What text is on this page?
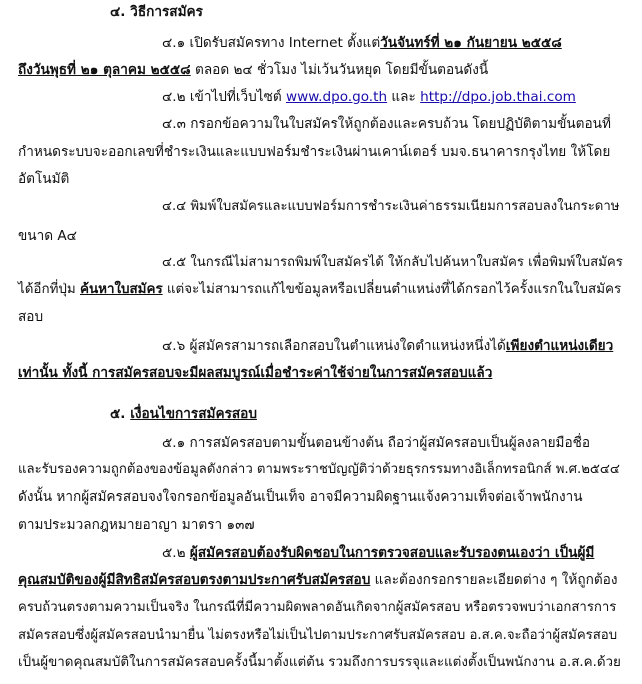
๔. วิธีการสมัคร
๔.๑ เปิดรับสมัครทาง Internet ตั้งแต่วันจันทร์ที่ ๒๑ กันยายน ๒๕๕๘
ถึงวันพุธที่ ๒๑ ตุลาคม ๒๕๕๘ ตลอด ๒๔ ชั่วโมง ไม่เว้นวันหยุด โดยมีขั้นตอนดังนี้
๔.๒ เข้าไปที่เว็บไซต์ www.dpo.go.th และ http://dpo.job.thai.com
๔.๓ กรอกข้อความในใบสมัครให้ถูกต้องและครบถ้วน โดยปฏิบัติตามขั้นตอนที่
กำหนดระบบจะออกเลขที่ชำระเงินและแบบฟอร์มชำระเงินผ่านเคาน์เตอร์ บมจ.ธนาคารกรุงไทย ให้โดย
อัตโนมัติ
๔.๔ พิมพ์ใบสมัครและแบบฟอร์มการชำระเงินค่าธรรมเนียมการสอบลงในกระดาษ
ขนาด A๔
๔.๕ ในกรณีไม่สามารถพิมพ์ใบสมัครได้ ให้กลับไปค้นหาใบสมัคร เพื่อพิมพ์ใบสมัคร
ได้อีกที่ปุ่ม ค้นหาใบสมัคร แต่จะไม่สามารถแก้ไขข้อมูลหรือเปลี่ยนตำแหน่งที่ได้กรอกไว้ครั้งแรกในใบสมัคร
สอบ
๔.๖ ผู้สมัครสามารถเลือกสอบในตำแหน่งใดตำแหน่งหนึ่งได้เพียงตำแหน่งเดียว
เท่านั้น ทั้งนี้ การสมัครสอบจะมีผลสมบูรณ์เมื่อชำระค่าใช้จ่ายในการสมัครสอบแล้ว
๕. เงื่อนไขการสมัครสอบ
๕.๑ การสมัครสอบตามขั้นตอนข้างต้น ถือว่าผู้สมัครสอบเป็นผู้ลงลายมือชื่อ
และรับรองความถูกต้องของข้อมูลดังกล่าว ตามพระราชบัญญัติว่าด้วยธุรกรรมทางอิเล็กทรอนิกส์ พ.ศ.๒๕๔๔
ดังนั้น หากผู้สมัครสอบจงใจกรอกข้อมูลอันเป็นเท็จ อาจมีความผิดฐานแจ้งความเท็จต่อเจ้าพนักงาน
ตามประมวลกฎหมายอาญา มาตรา ๑๓๗
๕.๒ ผู้สมัครสอบต้องรับผิดชอบในการตรวจสอบและรับรองตนเองว่า เป็นผู้มี
คุณสมบัติของผู้มีสิทธิสมัครสอบตรงตามประกาศรับสมัครสอบ และต้องกรอกรายละเอียดต่าง ๆ ให้ถูกต้อง
ครบถ้วนตรงตามความเป็นจริง ในกรณีที่มีความผิดพลาดอันเกิดจากผู้สมัครสอบ หรือตรวจพบว่าเอกสารการ
สมัครสอบซึ่งผู้สมัครสอบนำมายื่น ไม่ตรงหรือไม่เป็นไปตามประกาศรับสมัครสอบ อ.ส.ค.จะถือว่าผู้สมัครสอบ
เป็นผู้ขาดคุณสมบัติในการสมัครสอบครั้งนี้มาตั้งแต่ต้น รวมถึงการบรรจุและแต่งตั้งเป็นพนักงาน อ.ส.ค.ด้วย
